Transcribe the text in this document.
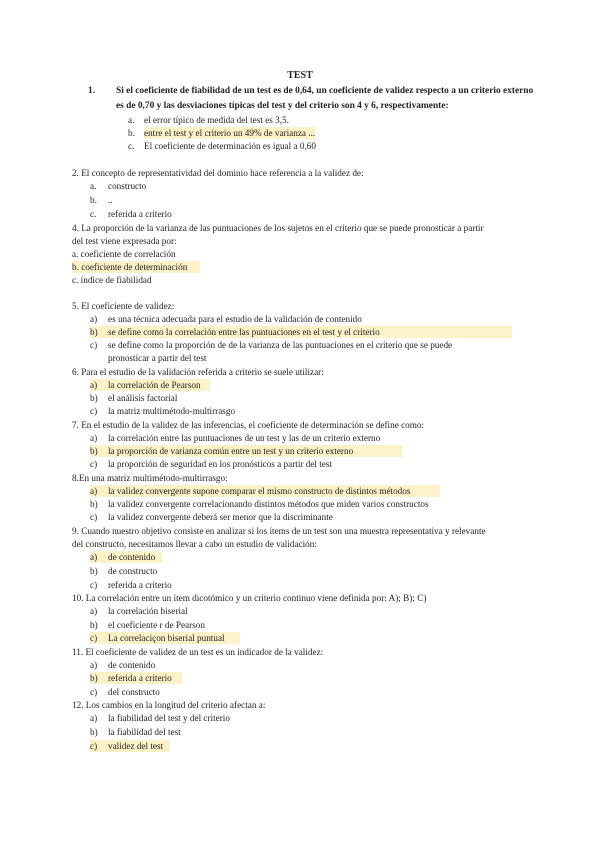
TEST
1.	Si el coeficiente de fiabilidad de un test es de 0,64, un coeficiente de validez respecto a un criterio externo es de 0,70 y las desviaciones típicas del test y del criterio son 4 y 6, respectivamente:
a. el error típico de medida del test es 3,5.
b. entre el test y el criterio un 49% de varianza ...
c. El coeficiente de determinación es igual a 0,60
2. El concepto de representatividad del dominio hace referencia a la validez de:
a. constructo
b. ..
c. referida a criterio
4. La proporción de la varianza de las puntuaciones de los sujetos en el criterio que se puede pronosticar a partir
del test viene expresada por:
a. coeficiente de correlación
b. coeficiente de determinación
c. índice de fiabilidad
5. El coeficiente de validez:
a) es una técnica adecuada para el estudio de la validación de contenido
b) se define como la correlación entre las puntuaciones en el test y el criterio
c) se define como la proporción de de la varianza de las puntuaciones en el criterio que se puede
pronosticar a partir del test
6. Para el estudio de la validación referida a criterio se suele utilizar:
a) la correlación de Pearson
b) el análisis factorial
c) la matriz multimétodo-multirrasgo
7. En el estudio de la validez de las inferencias, el coeficiente de determinación se define como:
a) la correlación entre las puntuaciones de un test y las de un criterio externo
b) la proporción de varianza común entre un test y un criterio externo
c) la proporción de seguridad en los pronósticos a partir del test
8.En una matriz multimétodo-multirrasgo:
a) la validez convergente supone comparar el mismo constructo de distintos métodos
b) la validez convergente correlacionando distintos métodos que miden varios constructos
c) la validez convergente deberá ser menor que la discriminante
9. Cuando nuestro objetivo consiste en analizar si los ítems de un test son una muestra representativa y relevante
del constructo, necesitamos llevar a cabo un estudio de validación:
a) de contenido
b) de constructo
c) referida a criterio
10. La correlación entre un ítem dicotómico y un criterio continuo viene definida por: A); B); C)
a) la correlación biserial
b) el coeficiente r de Pearson
c) La correlaciçon biserial puntual
11. El coeficiente de validez de un test es un indicador de la validez:
a) de contenido
b) referida a criterio
c) del constructo
12. Los cambios en la longitud del criterio afectan a:
a) la fiabilidad del test y del criterio
b) la fiabilidad del test
c) validez del test
